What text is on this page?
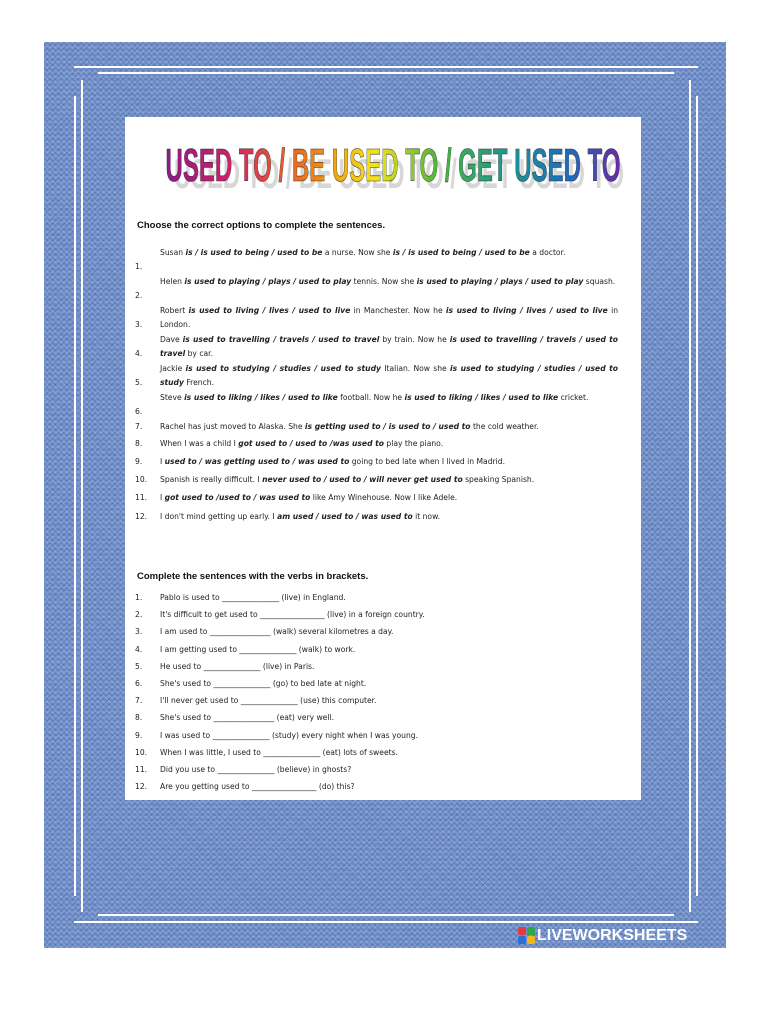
USED TO / BE USED TO / GET USED TO
USED TO / BE USED TO / GET USED TO
Choose the correct options to complete the sentences.
1.
Susan is / is used to being / used to be a nurse. Now she is / is used to being / used to be a doctor.
2.
Helen is used to playing / plays / used to play tennis. Now she is used to playing / plays / used to play squash.
3.
Robert is used to living / lives / used to live in Manchester. Now he is used to living / lives / used to live in London.
4.
Dave is used to travelling / travels / used to travel by train. Now he is used to travelling / travels / used to travel by car.
5.
Jackie is used to studying / studies / used to study Italian. Now she is used to studying / studies / used to study French.
6.
Steve is used to liking / likes / used to like football. Now he is used to liking / likes / used to like cricket.
7.	Rachel has just moved to Alaska. She is getting used to / is used to / used to the cold weather.
8.	When I was a child I got used to / used to /was used to play the piano.
9.	I used to / was getting used to / was used to going to bed late when I lived in Madrid.
10.	Spanish is really difficult. I never used to / used to / will never get used to speaking Spanish.
11.	I got used to /used to / was used to like Amy Winehouse. Now I like Adele.
12.	I don't mind getting up early. I am used / used to / was used to it now.
Complete the sentences with the verbs in brackets.
1.	Pablo is used to _______________ (live) in England.
2.	It's difficult to get used to _________________ (live) in a foreign country.
3.	I am used to ________________ (walk) several kilometres a day.
4.	I am getting used to _______________ (walk) to work.
5.	He used to _______________ (live) in Paris.
6.	She's used to _______________ (go) to bed late at night.
7.	I'll never get used to _______________ (use) this computer.
8.	She's used to ________________ (eat) very well.
9.	I was used to _______________ (study) every night when I was young.
10.	When I was little, I used to _______________ (eat) lots of sweets.
11.	Did you use to _______________ (believe) in ghosts?
12.	Are you getting used to _________________ (do) this?
LIVEWORKSHEETS
